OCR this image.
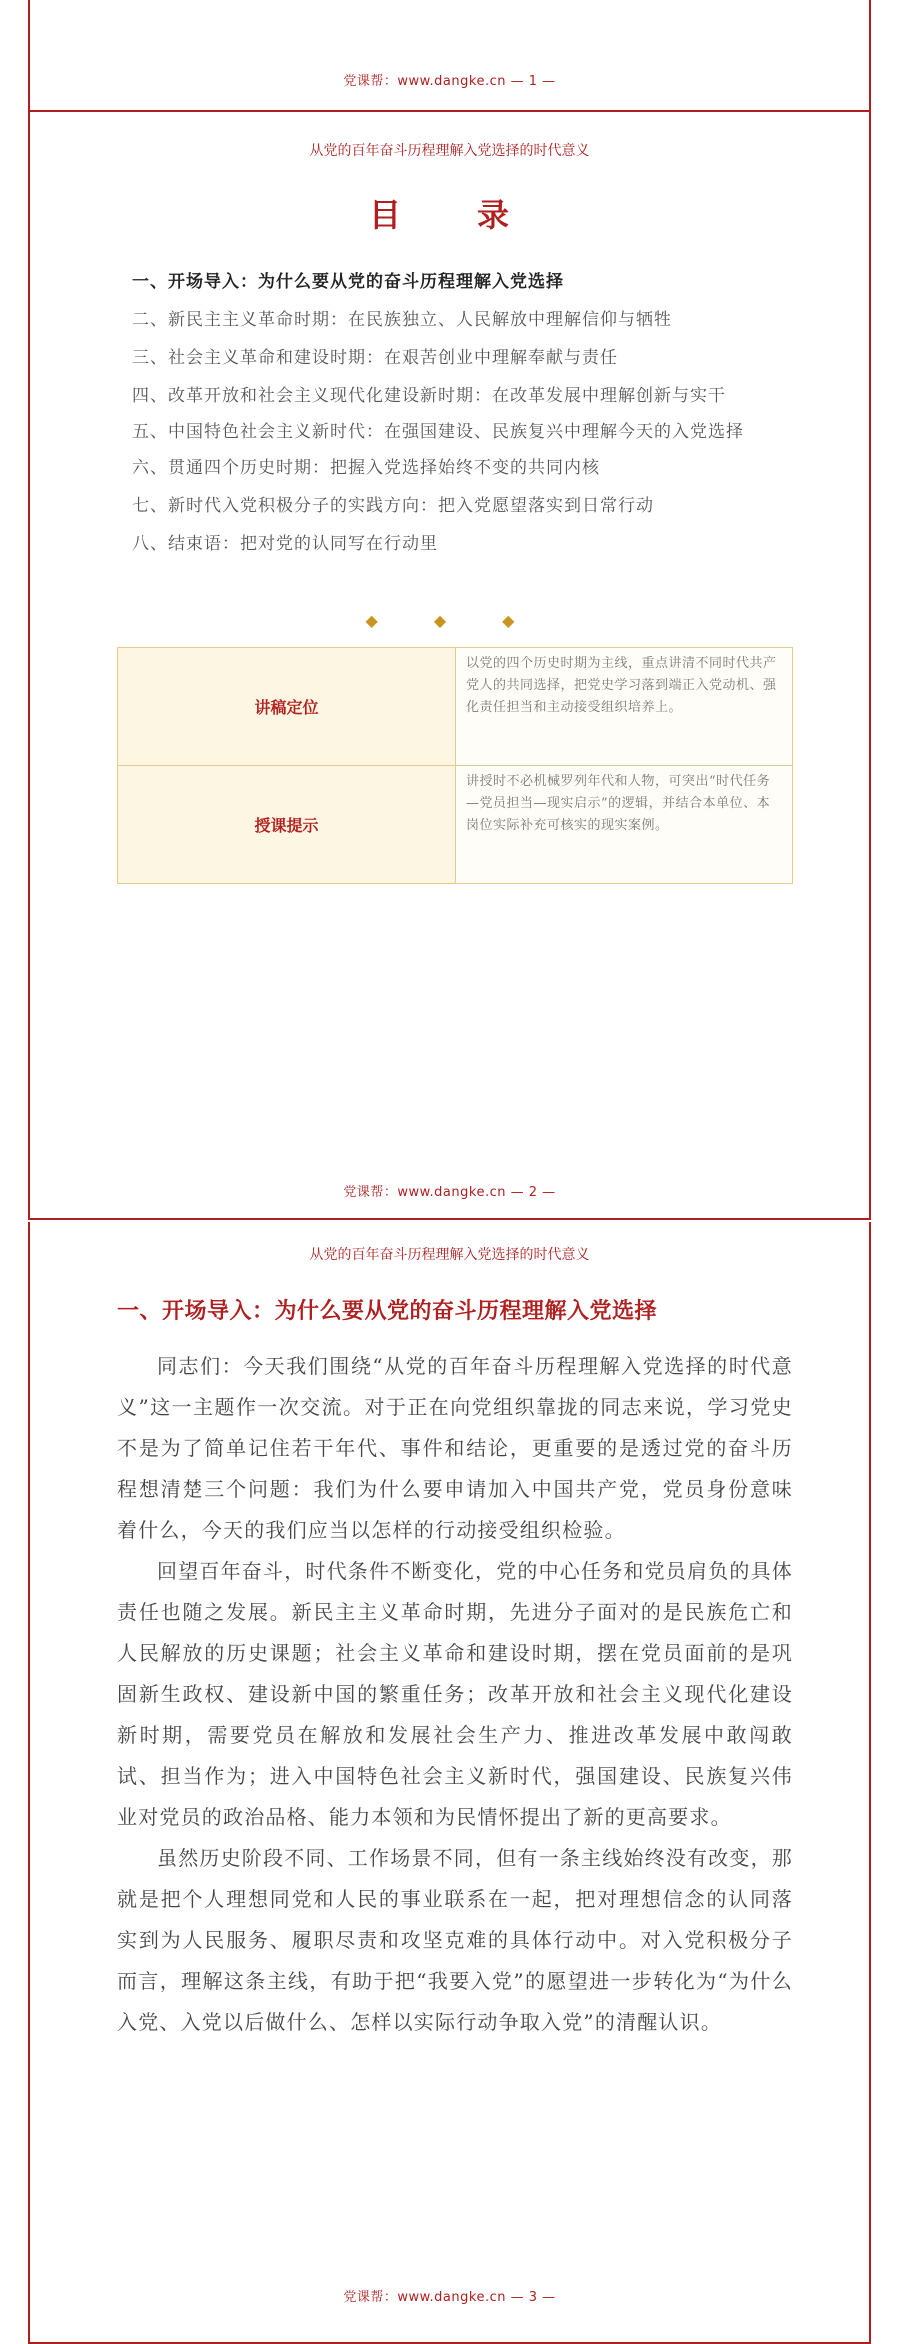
党课帮：www.dangke.cn — 1 —
从党的百年奋斗历程理解入党选择的时代意义
党课帮：www.dangke.cn — 2 —
目　录
一、开场导入：为什么要从党的奋斗历程理解入党选择
二、新民主主义革命时期：在民族独立、人民解放中理解信仰与牺牲
三、社会主义革命和建设时期：在艰苦创业中理解奉献与责任
四、改革开放和社会主义现代化建设新时期：在改革发展中理解创新与实干
五、中国特色社会主义新时代：在强国建设、民族复兴中理解今天的入党选择
六、贯通四个历史时期：把握入党选择始终不变的共同内核
七、新时代入党积极分子的实践方向：把入党愿望落实到日常行动
八、结束语：把对党的认同写在行动里
◆　◆　◆
讲稿定位	以党的四个历史时期为主线，重点讲清不同时代共产党人的共同选择，把党史学习落到端正入党动机、强化责任担当和主动接受组织培养上。
授课提示	讲授时不必机械罗列年代和人物，可突出“时代任务—党员担当—现实启示”的逻辑，并结合本单位、本岗位实际补充可核实的现实案例。
从党的百年奋斗历程理解入党选择的时代意义
党课帮：www.dangke.cn — 3 —
一、开场导入：为什么要从党的奋斗历程理解入党选择

同志们：今天我们围绕“从党的百年奋斗历程理解入党选择的时代意义”这一主题作一次交流。对于正在向党组织靠拢的同志来说，学习党史不是为了简单记住若干年代、事件和结论，更重要的是透过党的奋斗历程想清楚三个问题：我们为什么要申请加入中国共产党，党员身份意味着什么，今天的我们应当以怎样的行动接受组织检验。

回望百年奋斗，时代条件不断变化，党的中心任务和党员肩负的具体责任也随之发展。新民主主义革命时期，先进分子面对的是民族危亡和人民解放的历史课题；社会主义革命和建设时期，摆在党员面前的是巩固新生政权、建设新中国的繁重任务；改革开放和社会主义现代化建设新时期，需要党员在解放和发展社会生产力、推进改革发展中敢闯敢试、担当作为；进入中国特色社会主义新时代，强国建设、民族复兴伟业对党员的政治品格、能力本领和为民情怀提出了新的更高要求。

虽然历史阶段不同、工作场景不同，但有一条主线始终没有改变，那就是把个人理想同党和人民的事业联系在一起，把对理想信念的认同落实到为人民服务、履职尽责和攻坚克难的具体行动中。对入党积极分子而言，理解这条主线，有助于把“我要入党”的愿望进一步转化为“为什么入党、入党以后做什么、怎样以实际行动争取入党”的清醒认识。
